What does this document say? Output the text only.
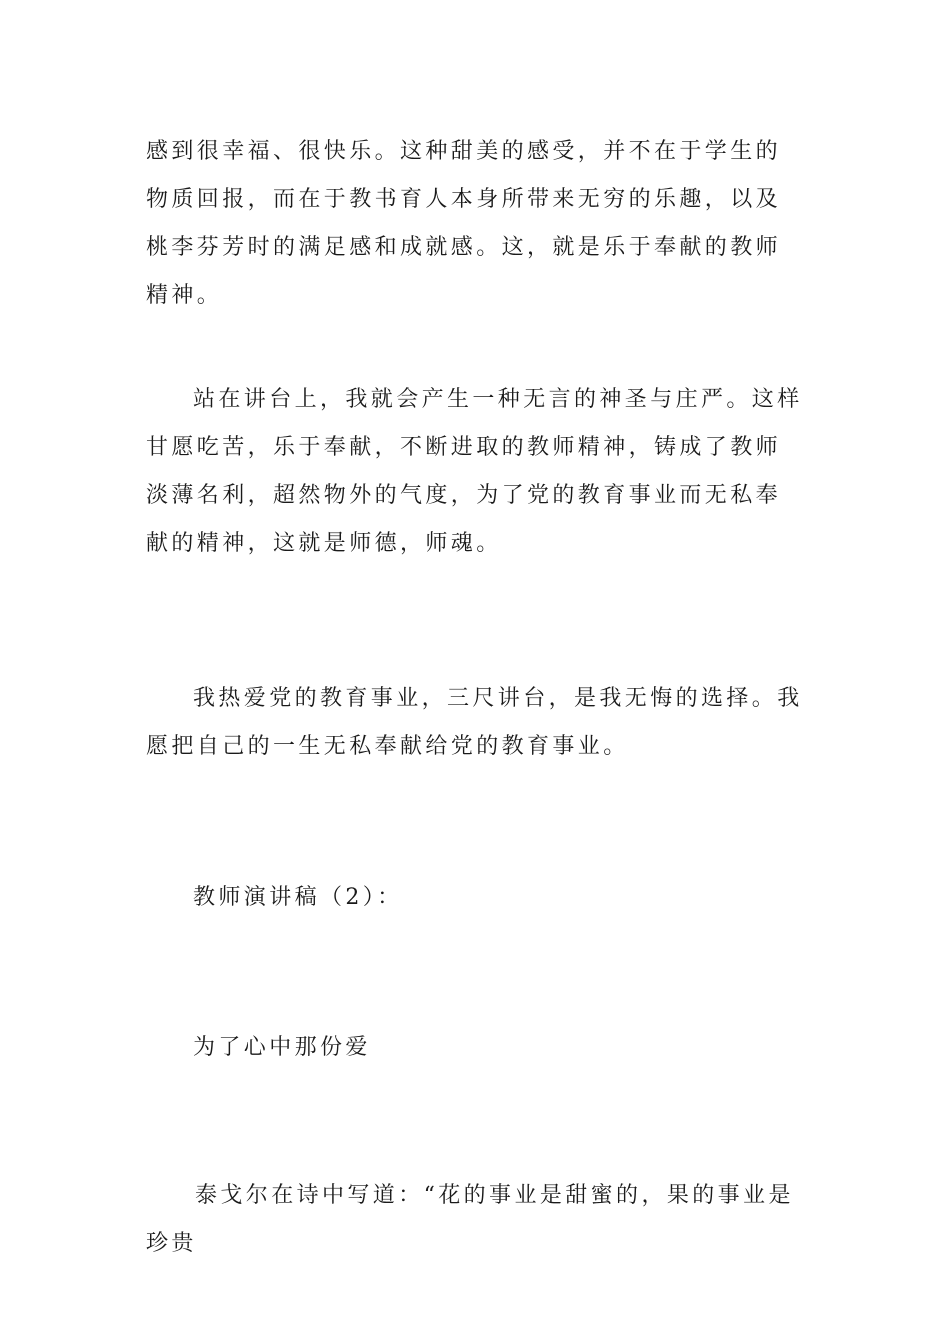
感到很幸福、很快乐。这种甜美的感受，并不在于学生的物质回报，而在于教书育人本身所带来无穷的乐趣，以及桃李芬芳时的满足感和成就感。这，就是乐于奉献的教师精神。

站在讲台上，我就会产生一种无言的神圣与庄严。这样甘愿吃苦，乐于奉献，不断进取的教师精神，铸成了教师淡薄名利，超然物外的气度，为了党的教育事业而无私奉献的精神，这就是师德，师魂。

我热爱党的教育事业，三尺讲台，是我无悔的选择。我愿把自己的一生无私奉献给党的教育事业。

教师演讲稿（2）：

为了心中那份爱

泰戈尔在诗中写道：“花的事业是甜蜜的，果的事业是珍贵
